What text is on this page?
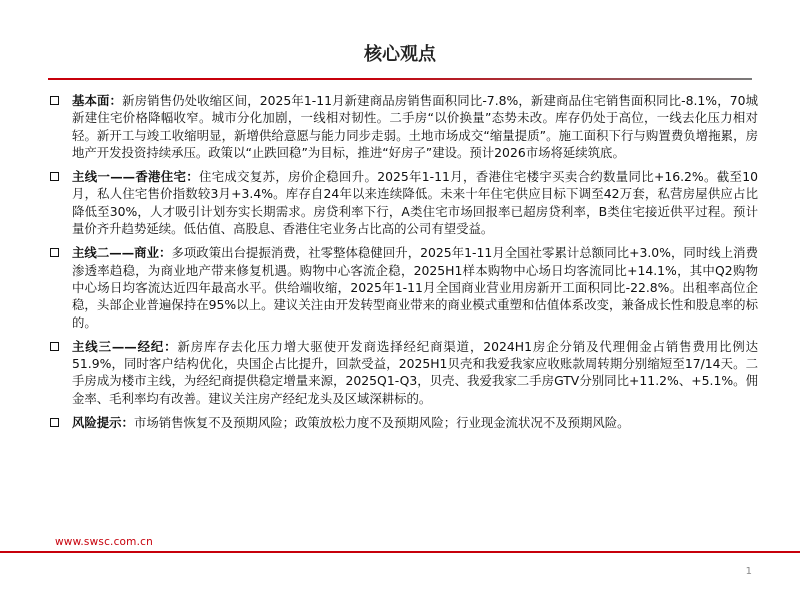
核心观点
基本面：新房销售仍处收缩区间，2025年1-11月新建商品房销售面积同比-7.8%，新建商品住宅销售面积同比-8.1%，70城新建住宅价格降幅收窄。城市分化加剧，一线相对韧性。二手房“以价换量”态势未改。库存仍处于高位，一线去化压力相对轻。新开工与竣工收缩明显，新增供给意愿与能力同步走弱。土地市场成交“缩量提质”。施工面积下行与购置费负增拖累，房地产开发投资持续承压。政策以“止跌回稳”为目标，推进“好房子”建设。预计2026市场将延续筑底。
主线一——香港住宅：住宅成交复苏，房价企稳回升。2025年1-11月，香港住宅楼宇买卖合约数量同比+16.2%。截至10月，私人住宅售价指数较3月+3.4%。库存自24年以来连续降低。未来十年住宅供应目标下调至42万套，私营房屋供应占比降低至30%，人才吸引计划夯实长期需求。房贷利率下行，A类住宅市场回报率已超房贷利率，B类住宅接近供平过程。预计量价齐升趋势延续。低估值、高股息、香港住宅业务占比高的公司有望受益。
主线二——商业：多项政策出台提振消费，社零整体稳健回升，2025年1-11月全国社零累计总额同比+3.0%，同时线上消费渗透率趋稳，为商业地产带来修复机遇。购物中心客流企稳，2025H1样本购物中心场日均客流同比+14.1%，其中Q2购物中心场日均客流达近四年最高水平。供给端收缩，2025年1-11月全国商业营业用房新开工面积同比-22.8%。出租率高位企稳，头部企业普遍保持在95%以上。建议关注由开发转型商业带来的商业模式重塑和估值体系改变，兼备成长性和股息率的标的。
主线三——经纪：新房库存去化压力增大驱使开发商选择经纪商渠道，2024H1房企分销及代理佣金占销售费用比例达51.9%，同时客户结构优化，央国企占比提升，回款受益，2025H1贝壳和我爱我家应收账款周转期分别缩短至17/14天。二手房成为楼市主线，为经纪商提供稳定增量来源，2025Q1-Q3，贝壳、我爱我家二手房GTV分别同比+11.2%、+5.1%。佣金率、毛利率均有改善。建议关注房产经纪龙头及区域深耕标的。
风险提示：市场销售恢复不及预期风险；政策放松力度不及预期风险；行业现金流状况不及预期风险。
www.swsc.com.cn
1
